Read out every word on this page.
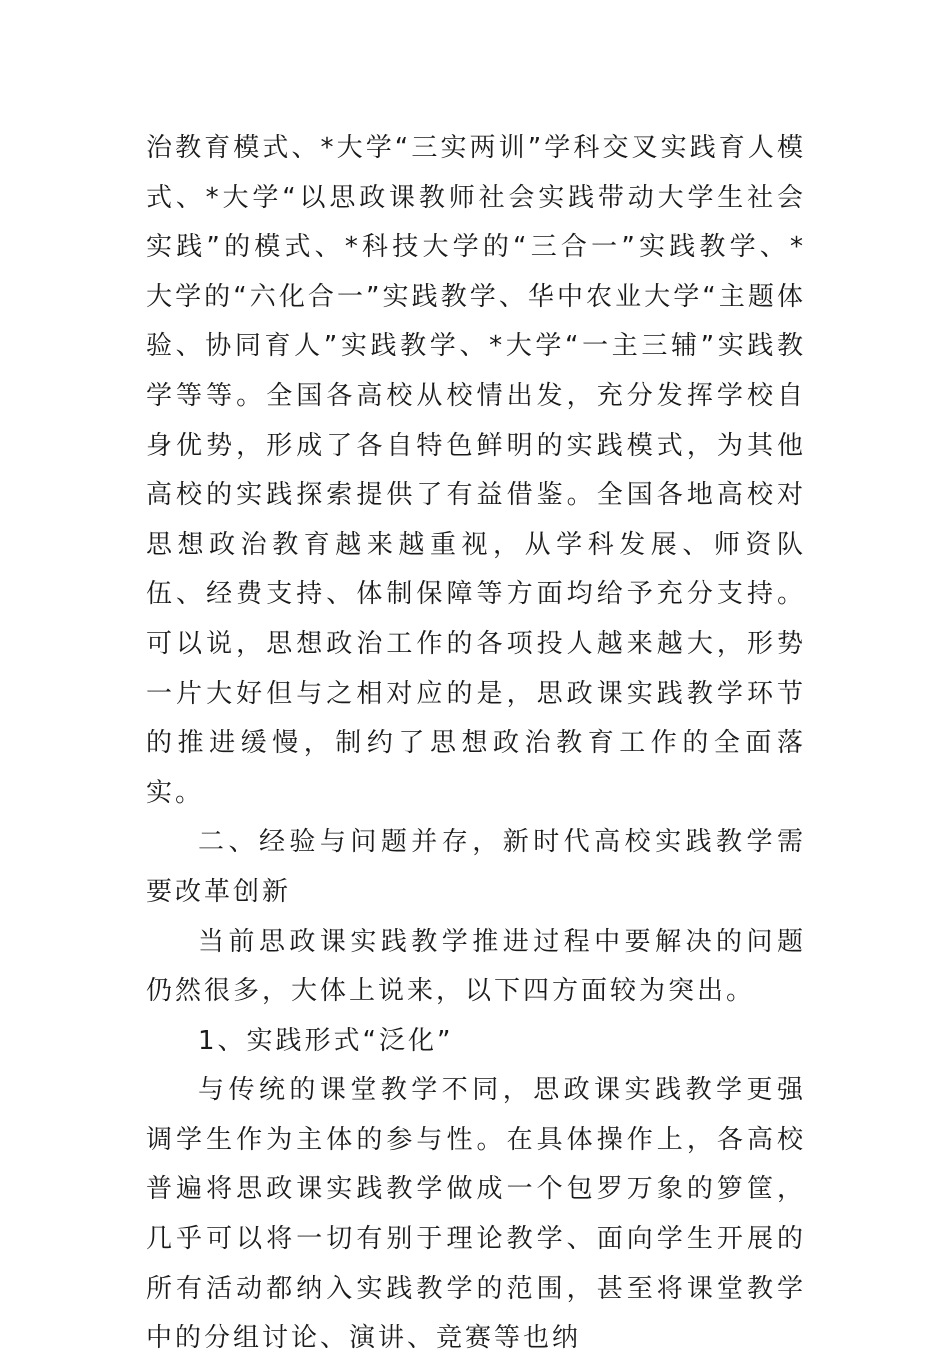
治教育模式、*大学“三实两训”学科交叉实践育人模式、*大学“以思政课教师社会实践带动大学生社会实践”的模式、*科技大学的“三合一”实践教学、*大学的“六化合一”实践教学、华中农业大学“主题体验、协同育人”实践教学、*大学“一主三辅”实践教学等等。全国各高校从校情出发，充分发挥学校自身优势，形成了各自特色鲜明的实践模式，为其他高校的实践探索提供了有益借鉴。全国各地高校对思想政治教育越来越重视，从学科发展、师资队伍、经费支持、体制保障等方面均给予充分支持。可以说，思想政治工作的各项投人越来越大，形势一片大好但与之相对应的是，思政课实践教学环节的推进缓慢，制约了思想政治教育工作的全面落实。

二、经验与问题并存，新时代高校实践教学需要改革创新

当前思政课实践教学推进过程中要解决的问题仍然很多，大体上说来，以下四方面较为突出。

1、实践形式“泛化”

与传统的课堂教学不同，思政课实践教学更强调学生作为主体的参与性。在具体操作上，各高校普遍将思政课实践教学做成一个包罗万象的箩筐，几乎可以将一切有别于理论教学、面向学生开展的所有活动都纳入实践教学的范围，甚至将课堂教学中的分组讨论、演讲、竞赛等也纳
